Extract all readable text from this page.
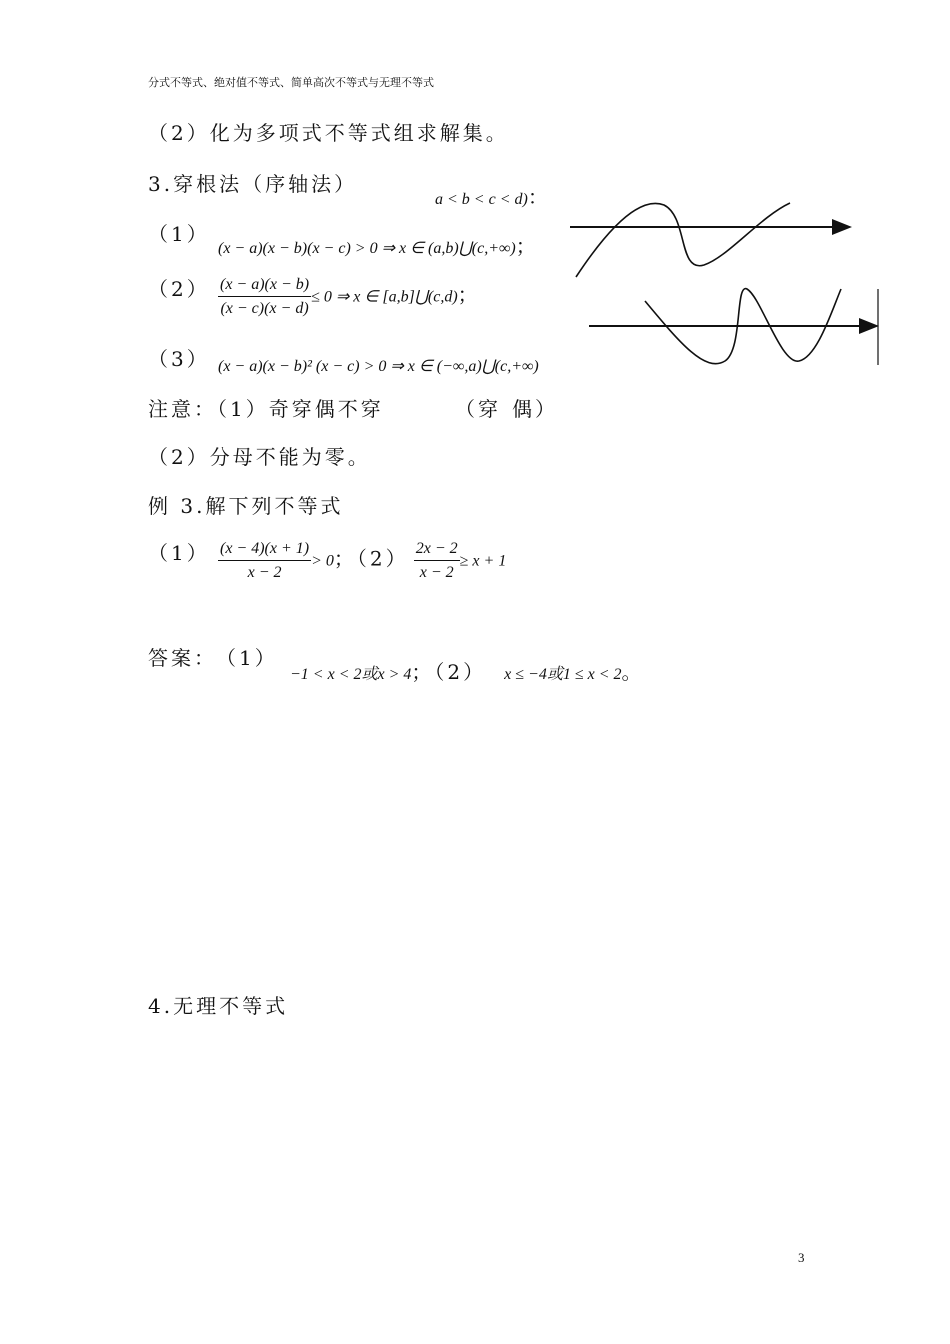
分式不等式、绝对值不等式、简单高次不等式与无理不等式
（2）化为多项式不等式组求解集。
3.穿根法（序轴法）
a < b < c < d)：
（1）
(x − a)(x − b)(x − c) > 0 ⇒ x ∈ (a,b)⋃(c,+∞)；
$(2) \frac{(x - a)(x - b)}{(x - c)(x - d)} \le 0$ ⇒ x ∈ [a,b]⋃(c,d)；
（3） (x − a)(x − b)² (x − c) > 0 ⇒ x ∈ (−∞,a)⋃(c,+∞)
注意：（1）奇穿偶不穿	（穿 偶）
（2）分母不能为零。
例 3.解下列不等式
$(1) \frac{(x - 4)(x + 1)}{x - 2} > 0$；$(2) \frac{2x - 2}{x - 2} \ge x + 1$
答案： （1）
−1 < x < 2或x > 4；（2） x ≤ −4或1 ≤ x < 2。
4.无理不等式
3
